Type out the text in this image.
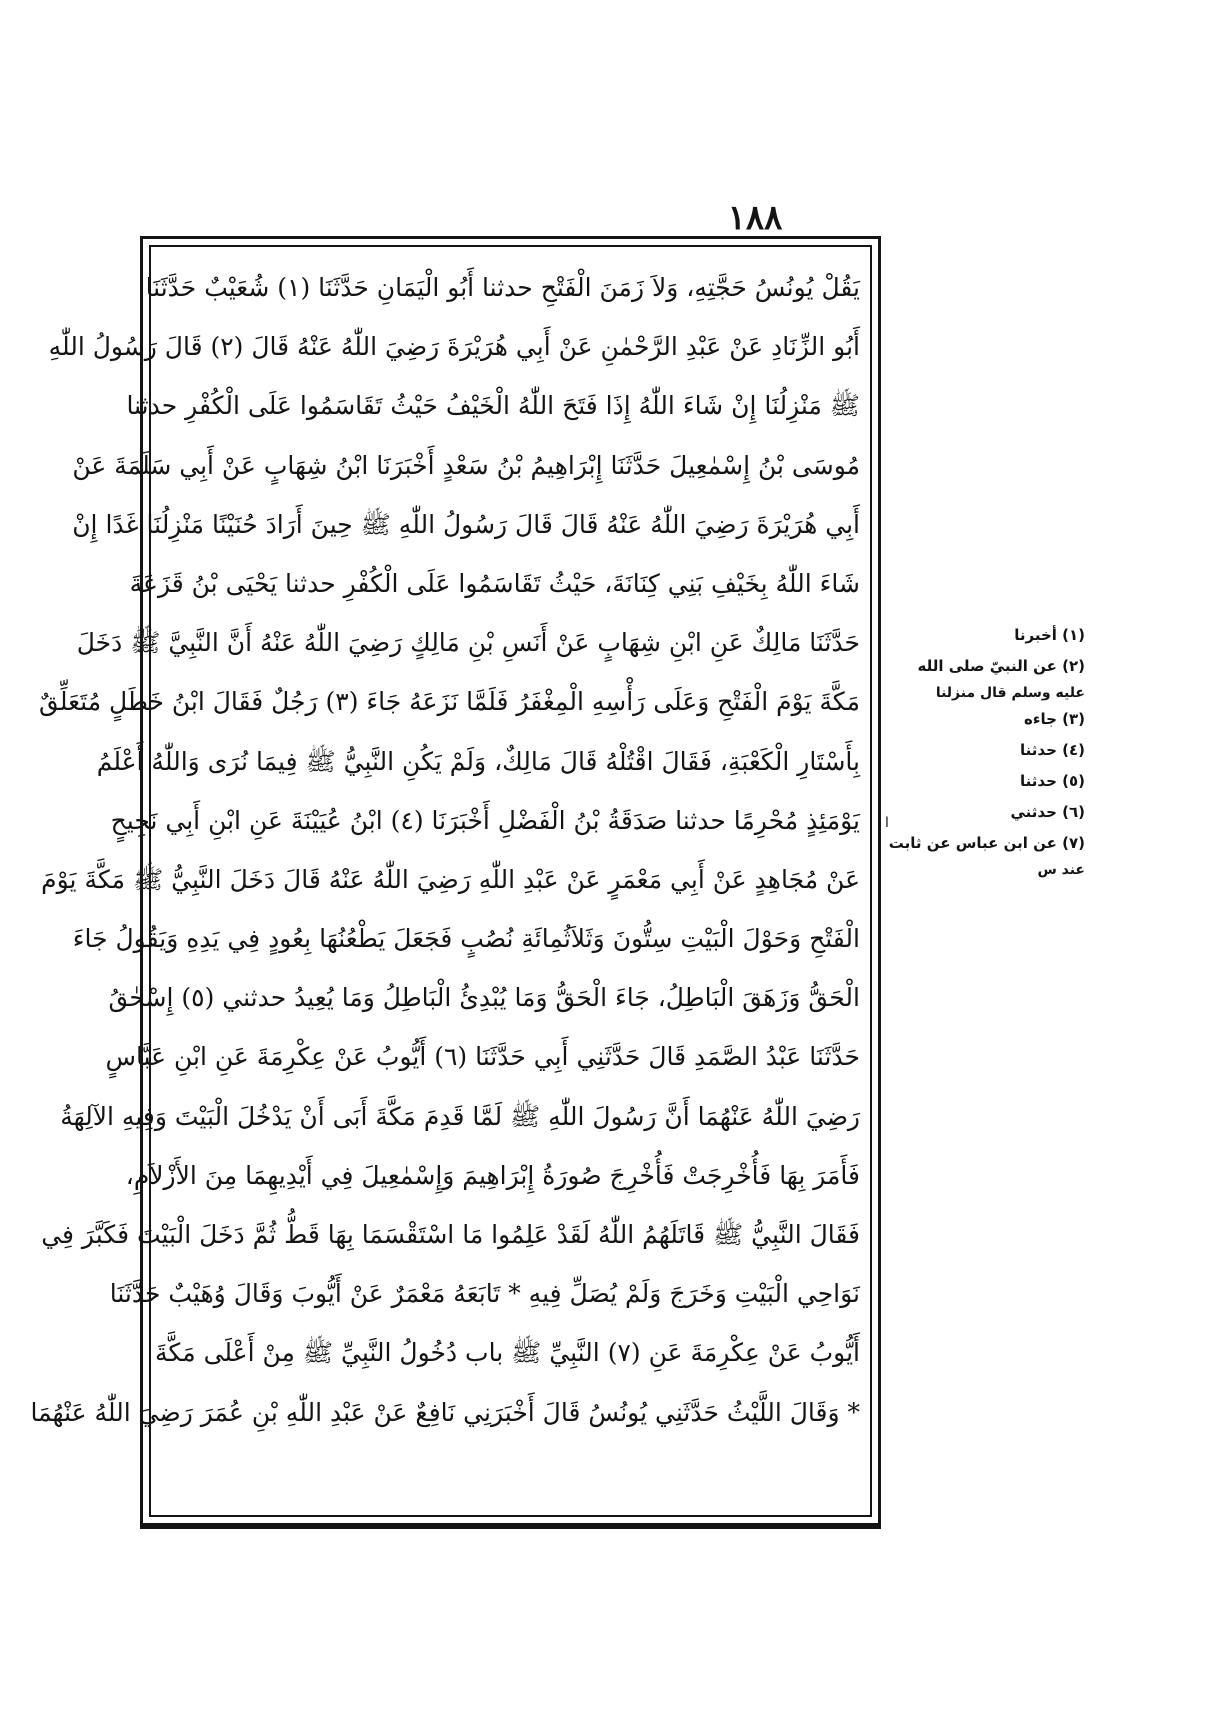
١٨٨
يَقُلْ يُونُسُ حَجَّتِهِ، وَلاَ زَمَنَ الْفَتْحِ حدثنا أَبُو الْيَمَانِ حَدَّثَنَا (١) شُعَيْبٌ حَدَّثَنَا
أَبُو الزِّنَادِ عَنْ عَبْدِ الرَّحْمٰنِ عَنْ أَبِي هُرَيْرَةَ رَضِيَ اللّٰهُ عَنْهُ قَالَ (٢) قَالَ رَسُولُ اللّٰهِ
ﷺ مَنْزِلُنَا إِنْ شَاءَ اللّٰهُ إِذَا فَتَحَ اللّٰهُ الْخَيْفُ حَيْثُ تَقَاسَمُوا عَلَى الْكُفْرِ حدثنا
مُوسَى بْنُ إِسْمٰعِيلَ حَدَّثَنَا إِبْرَاهِيمُ بْنُ سَعْدٍ أَخْبَرَنَا ابْنُ شِهَابٍ عَنْ أَبِي سَلَمَةَ عَنْ
أَبِي هُرَيْرَةَ رَضِيَ اللّٰهُ عَنْهُ قَالَ قَالَ رَسُولُ اللّٰهِ ﷺ حِينَ أَرَادَ حُنَيْنًا مَنْزِلُنَا غَدًا إِنْ
شَاءَ اللّٰهُ بِخَيْفِ بَنِي كِنَانَةَ، حَيْثُ تَقَاسَمُوا عَلَى الْكُفْرِ حدثنا يَحْيَى بْنُ قَزَعَةَ
حَدَّثَنَا مَالِكٌ عَنِ ابْنِ شِهَابٍ عَنْ أَنَسِ بْنِ مَالِكٍ رَضِيَ اللّٰهُ عَنْهُ أَنَّ النَّبِيَّ ﷺ دَخَلَ
مَكَّةَ يَوْمَ الْفَتْحِ وَعَلَى رَأْسِهِ الْمِغْفَرُ فَلَمَّا نَزَعَهُ جَاءَ (٣) رَجُلٌ فَقَالَ ابْنُ خَطَلٍ مُتَعَلِّقٌ
بِأَسْتَارِ الْكَعْبَةِ، فَقَالَ اقْتُلْهُ قَالَ مَالِكٌ، وَلَمْ يَكُنِ النَّبِيُّ ﷺ فِيمَا نُرَى وَاللّٰهُ أَعْلَمُ
يَوْمَئِذٍ مُحْرِمًا حدثنا صَدَقَةُ بْنُ الْفَضْلِ أَخْبَرَنَا (٤) ابْنُ عُيَيْنَةَ عَنِ ابْنِ أَبِي نَجِيحٍ
عَنْ مُجَاهِدٍ عَنْ أَبِي مَعْمَرٍ عَنْ عَبْدِ اللّٰهِ رَضِيَ اللّٰهُ عَنْهُ قَالَ دَخَلَ النَّبِيُّ ﷺ مَكَّةَ يَوْمَ
الْفَتْحِ وَحَوْلَ الْبَيْتِ سِتُّونَ وَثَلاَثُمِائَةِ نُصُبٍ فَجَعَلَ يَطْعُنُهَا بِعُودٍ فِي يَدِهِ وَيَقُولُ جَاءَ
الْحَقُّ وَزَهَقَ الْبَاطِلُ، جَاءَ الْحَقُّ وَمَا يُبْدِئُ الْبَاطِلُ وَمَا يُعِيدُ حدثني (٥) إِسْحٰقُ
حَدَّثَنَا عَبْدُ الصَّمَدِ قَالَ حَدَّثَنِي أَبِي حَدَّثَنَا (٦) أَيُّوبُ عَنْ عِكْرِمَةَ عَنِ ابْنِ عَبَّاسٍ
رَضِيَ اللّٰهُ عَنْهُمَا أَنَّ رَسُولَ اللّٰهِ ﷺ لَمَّا قَدِمَ مَكَّةَ أَبَى أَنْ يَدْخُلَ الْبَيْتَ وَفِيهِ الآلِهَةُ
فَأَمَرَ بِهَا فَأُخْرِجَتْ فَأُخْرِجَ صُورَةُ إِبْرَاهِيمَ وَإِسْمٰعِيلَ فِي أَيْدِيهِمَا مِنَ الأَزْلاَمِ،
فَقَالَ النَّبِيُّ ﷺ قَاتَلَهُمُ اللّٰهُ لَقَدْ عَلِمُوا مَا اسْتَقْسَمَا بِهَا قَطُّ ثُمَّ دَخَلَ الْبَيْتَ فَكَبَّرَ فِي
نَوَاحِي الْبَيْتِ وَخَرَجَ وَلَمْ يُصَلِّ فِيهِ * تَابَعَهُ مَعْمَرٌ عَنْ أَيُّوبَ وَقَالَ وُهَيْبٌ حَدَّثَنَا
أَيُّوبُ عَنْ عِكْرِمَةَ عَنِ (٧) النَّبِيِّ ﷺ باب دُخُولُ النَّبِيِّ ﷺ مِنْ أَعْلَى مَكَّةَ
* وَقَالَ اللَّيْثُ حَدَّثَنِي يُونُسُ قَالَ أَخْبَرَنِي نَافِعٌ عَنْ عَبْدِ اللّٰهِ بْنِ عُمَرَ رَضِيَ اللّٰهُ عَنْهُمَا
ا
(١) أخبرنا
(٢) عن النبيّ صلى الله
عليه وسلم قال منزلنا
(٣) جاءه
(٤) حدثنا
(٥) حدثنا
(٦) حدثني
(٧) عن ابن عباس عن ثابت
عند س
